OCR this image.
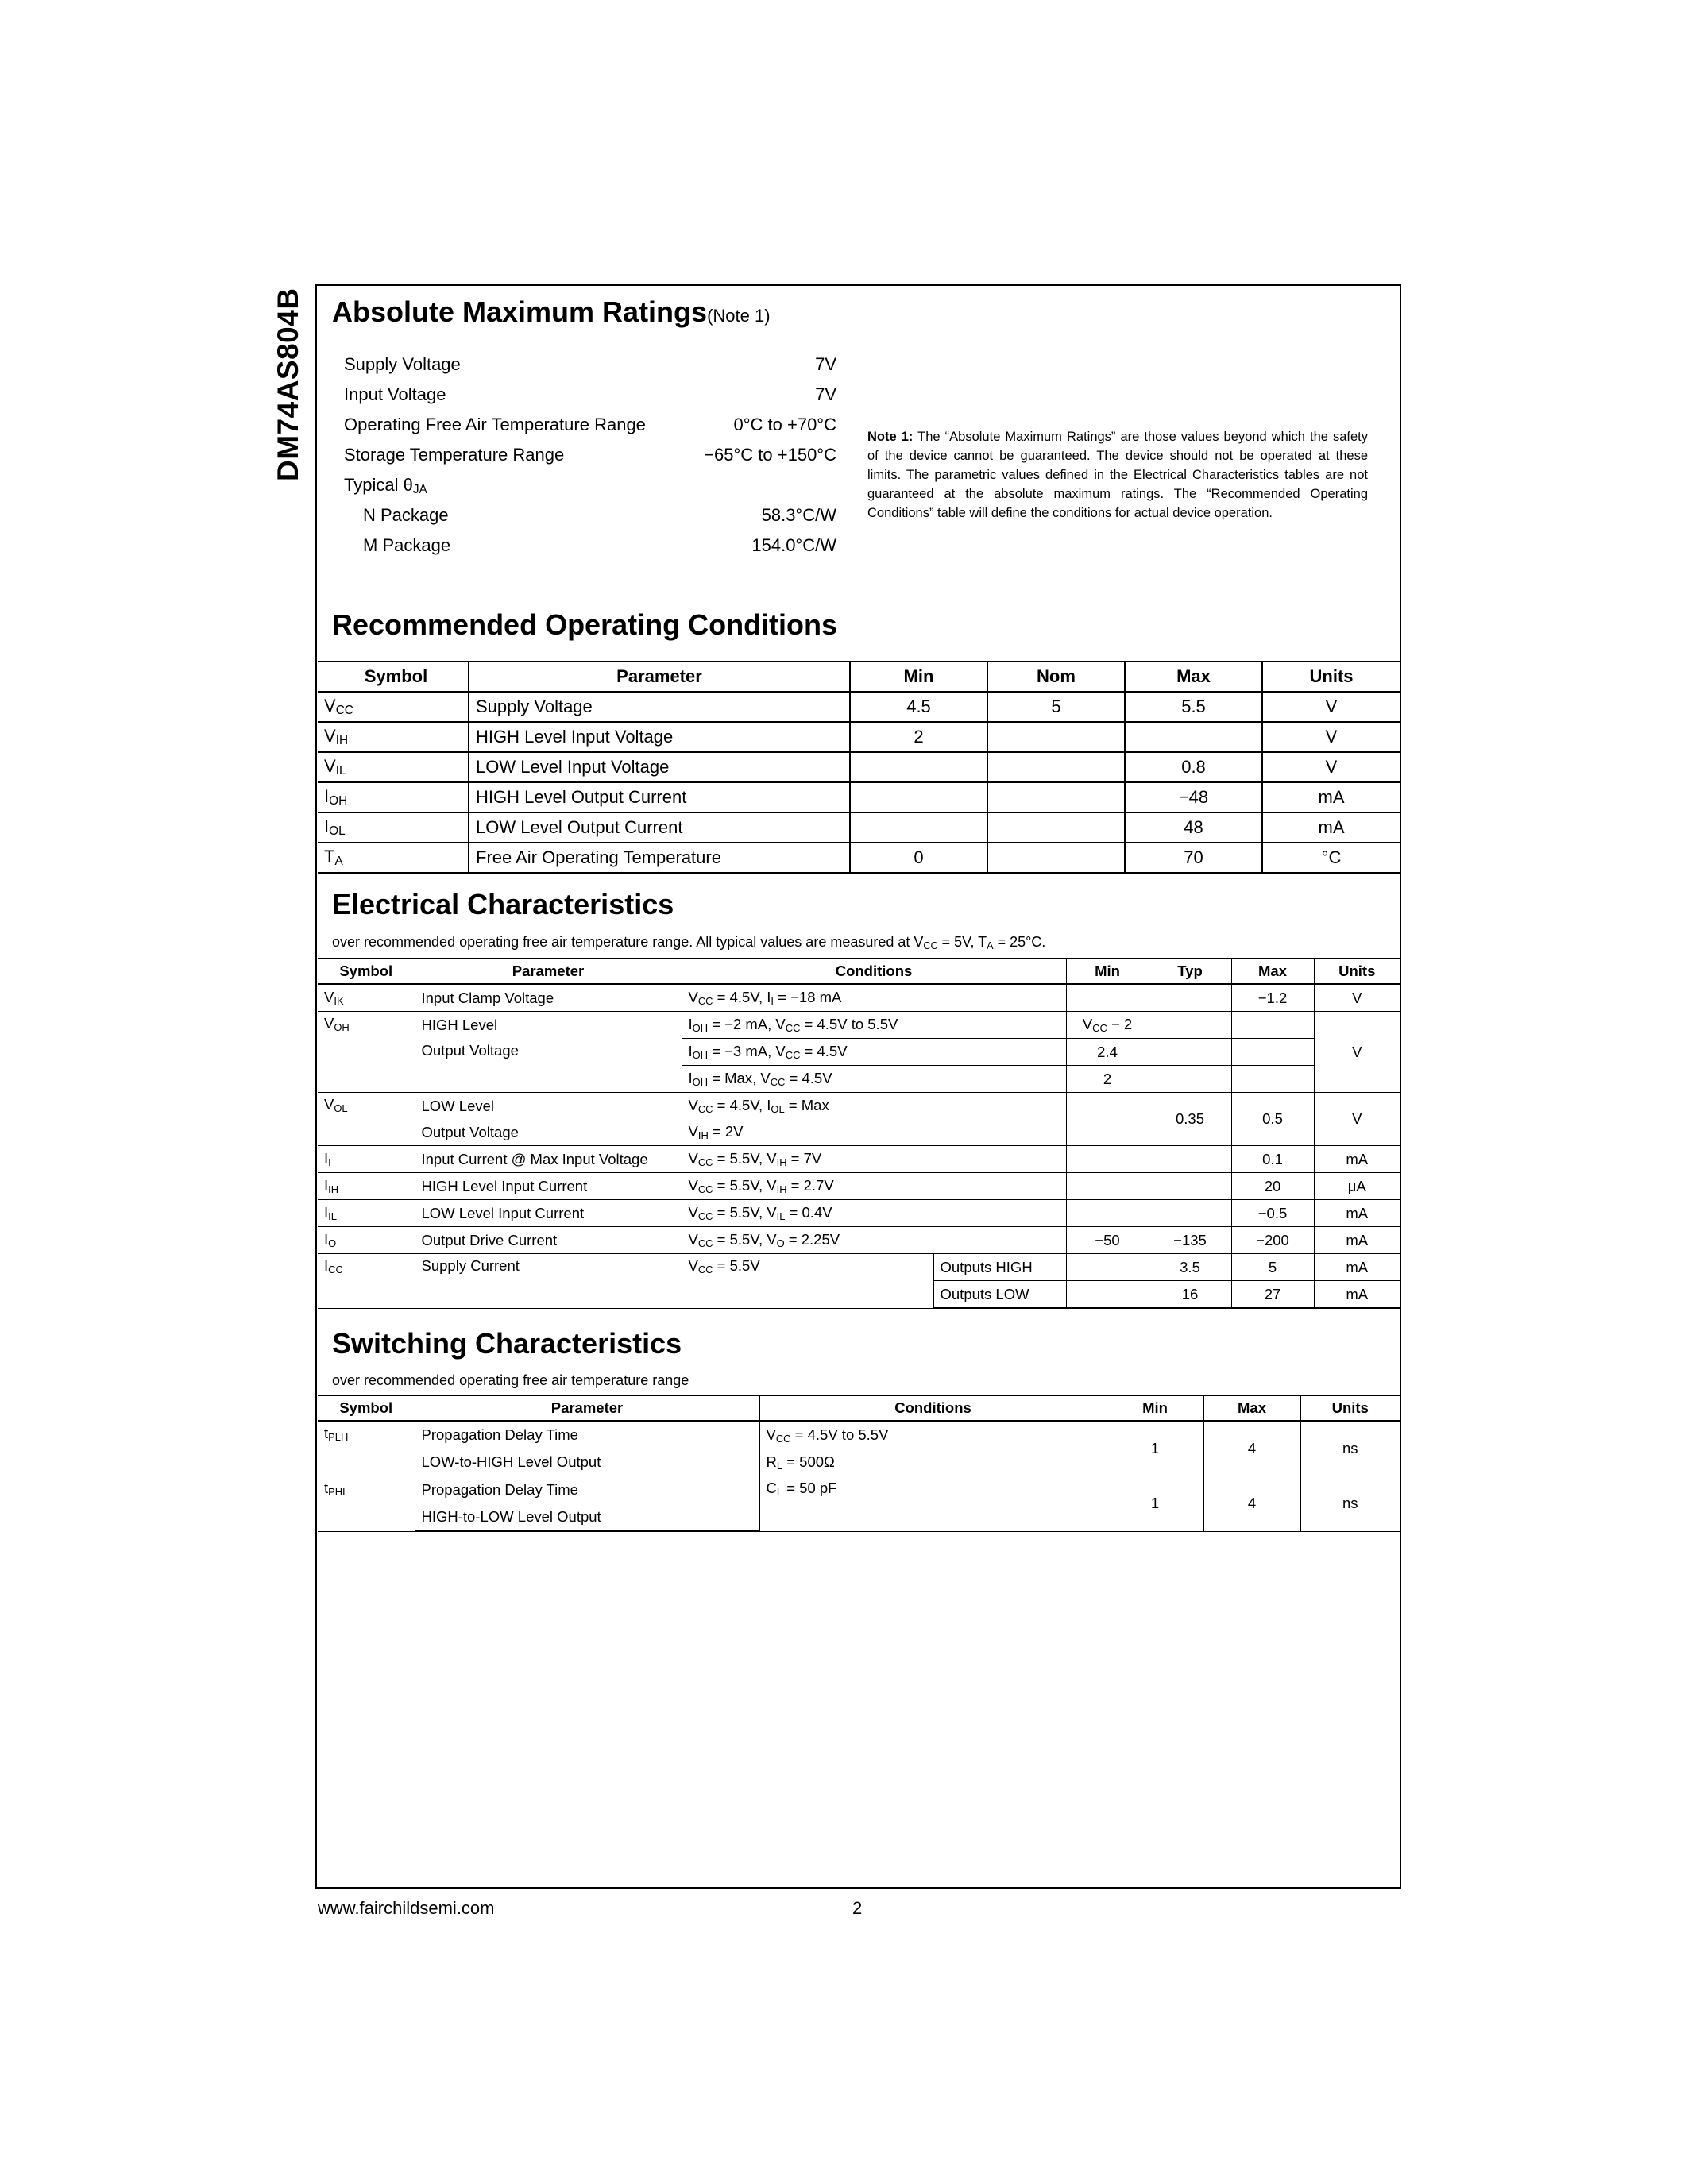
DM74AS804B Absolute Maximum Ratings(Note 1)
Supply Voltage	7V
Input Voltage	7V
Operating Free Air Temperature Range	0°C to +70°C
Storage Temperature Range	−65°C to +150°C
Typical $\theta_{JA}$
N Package	58.3°C/W
M Package	154.0°C/W
Note 1: The “Absolute Maximum Ratings” are those values beyond which the safety of the device cannot be guaranteed. The device should not be operated at these limits. The parametric values defined in the Electrical Characteristics tables are not guaranteed at the absolute maximum ratings. The “Recommended Operating Conditions” table will define the conditions for actual device operation.
Recommended Operating Conditions
Symbol	Parameter	Min	Nom	Max	Units
$V_{CC}$	Supply Voltage	4.5	5	5.5	V
$V_{IH}$	HIGH Level Input Voltage	2			V
$V_{IL}$	LOW Level Input Voltage			0.8	V
$I_{OH}$	HIGH Level Output Current			−48	mA
$I_{OL}$	LOW Level Output Current			48	mA
$T_A$	Free Air Operating Temperature	0		70	°C
Electrical Characteristics
over recommended operating free air temperature range. All typical values are measured at $V_{CC} = 5V$, $T_A = 25^\circ C$.
Symbol	Parameter	Conditions		Min	Typ	Max	Units
$V_{IK}$	Input Clamp Voltage	$V_{CC} = 4.5V$, $I_I = -18$ mA				−1.2	V
$V_{OH}$	HIGH Level	$I_{OH} = -2$ mA, $V_{CC} = 4.5V$ to 5.5V		$V_{CC} - 2$			V
	Output Voltage	$I_{OH} = -3$ mA, $V_{CC} = 4.5V$		2.4			
		$I_{OH}$ = Max, $V_{CC} = 4.5V$		2			
$V_{OL}$	LOW Level	$V_{CC} = 4.5V$, $I_{OL}$ = Max			0.35	0.5	V
	Output Voltage	$V_{IH} = 2V$					
$I_I$	Input Current @ Max Input Voltage	$V_{CC} = 5.5V$, $V_{IH} = 7V$				0.1	mA
$I_{IH}$	HIGH Level Input Current	$V_{CC} = 5.5V$, $V_{IH} = 2.7V$				20	μA
$I_{IL}$	LOW Level Input Current	$V_{CC} = 5.5V$, $V_{IL} = 0.4V$				−0.5	mA
$I_O$	Output Drive Current	$V_{CC} = 5.5V$, $V_O = 2.25V$		−50	−135	−200	mA
$I_{CC}$	Supply Current	$V_{CC} = 5.5V$	Outputs HIGH		3.5	5	mA
			Outputs LOW		16	27	mA
Switching Characteristics
over recommended operating free air temperature range
Symbol	Parameter	Conditions	Min	Max	Units
$t_{PLH}$	Propagation Delay Time	$V_{CC} = 4.5V$ to 5.5V	1	4	ns
	LOW-to-HIGH Level Output	$R_L = 500\Omega$			
$t_{PHL}$	Propagation Delay Time	$C_L = 50$ pF	1	4	ns
	HIGH-to-LOW Level Output				
www.fairchildsemi.com	2
